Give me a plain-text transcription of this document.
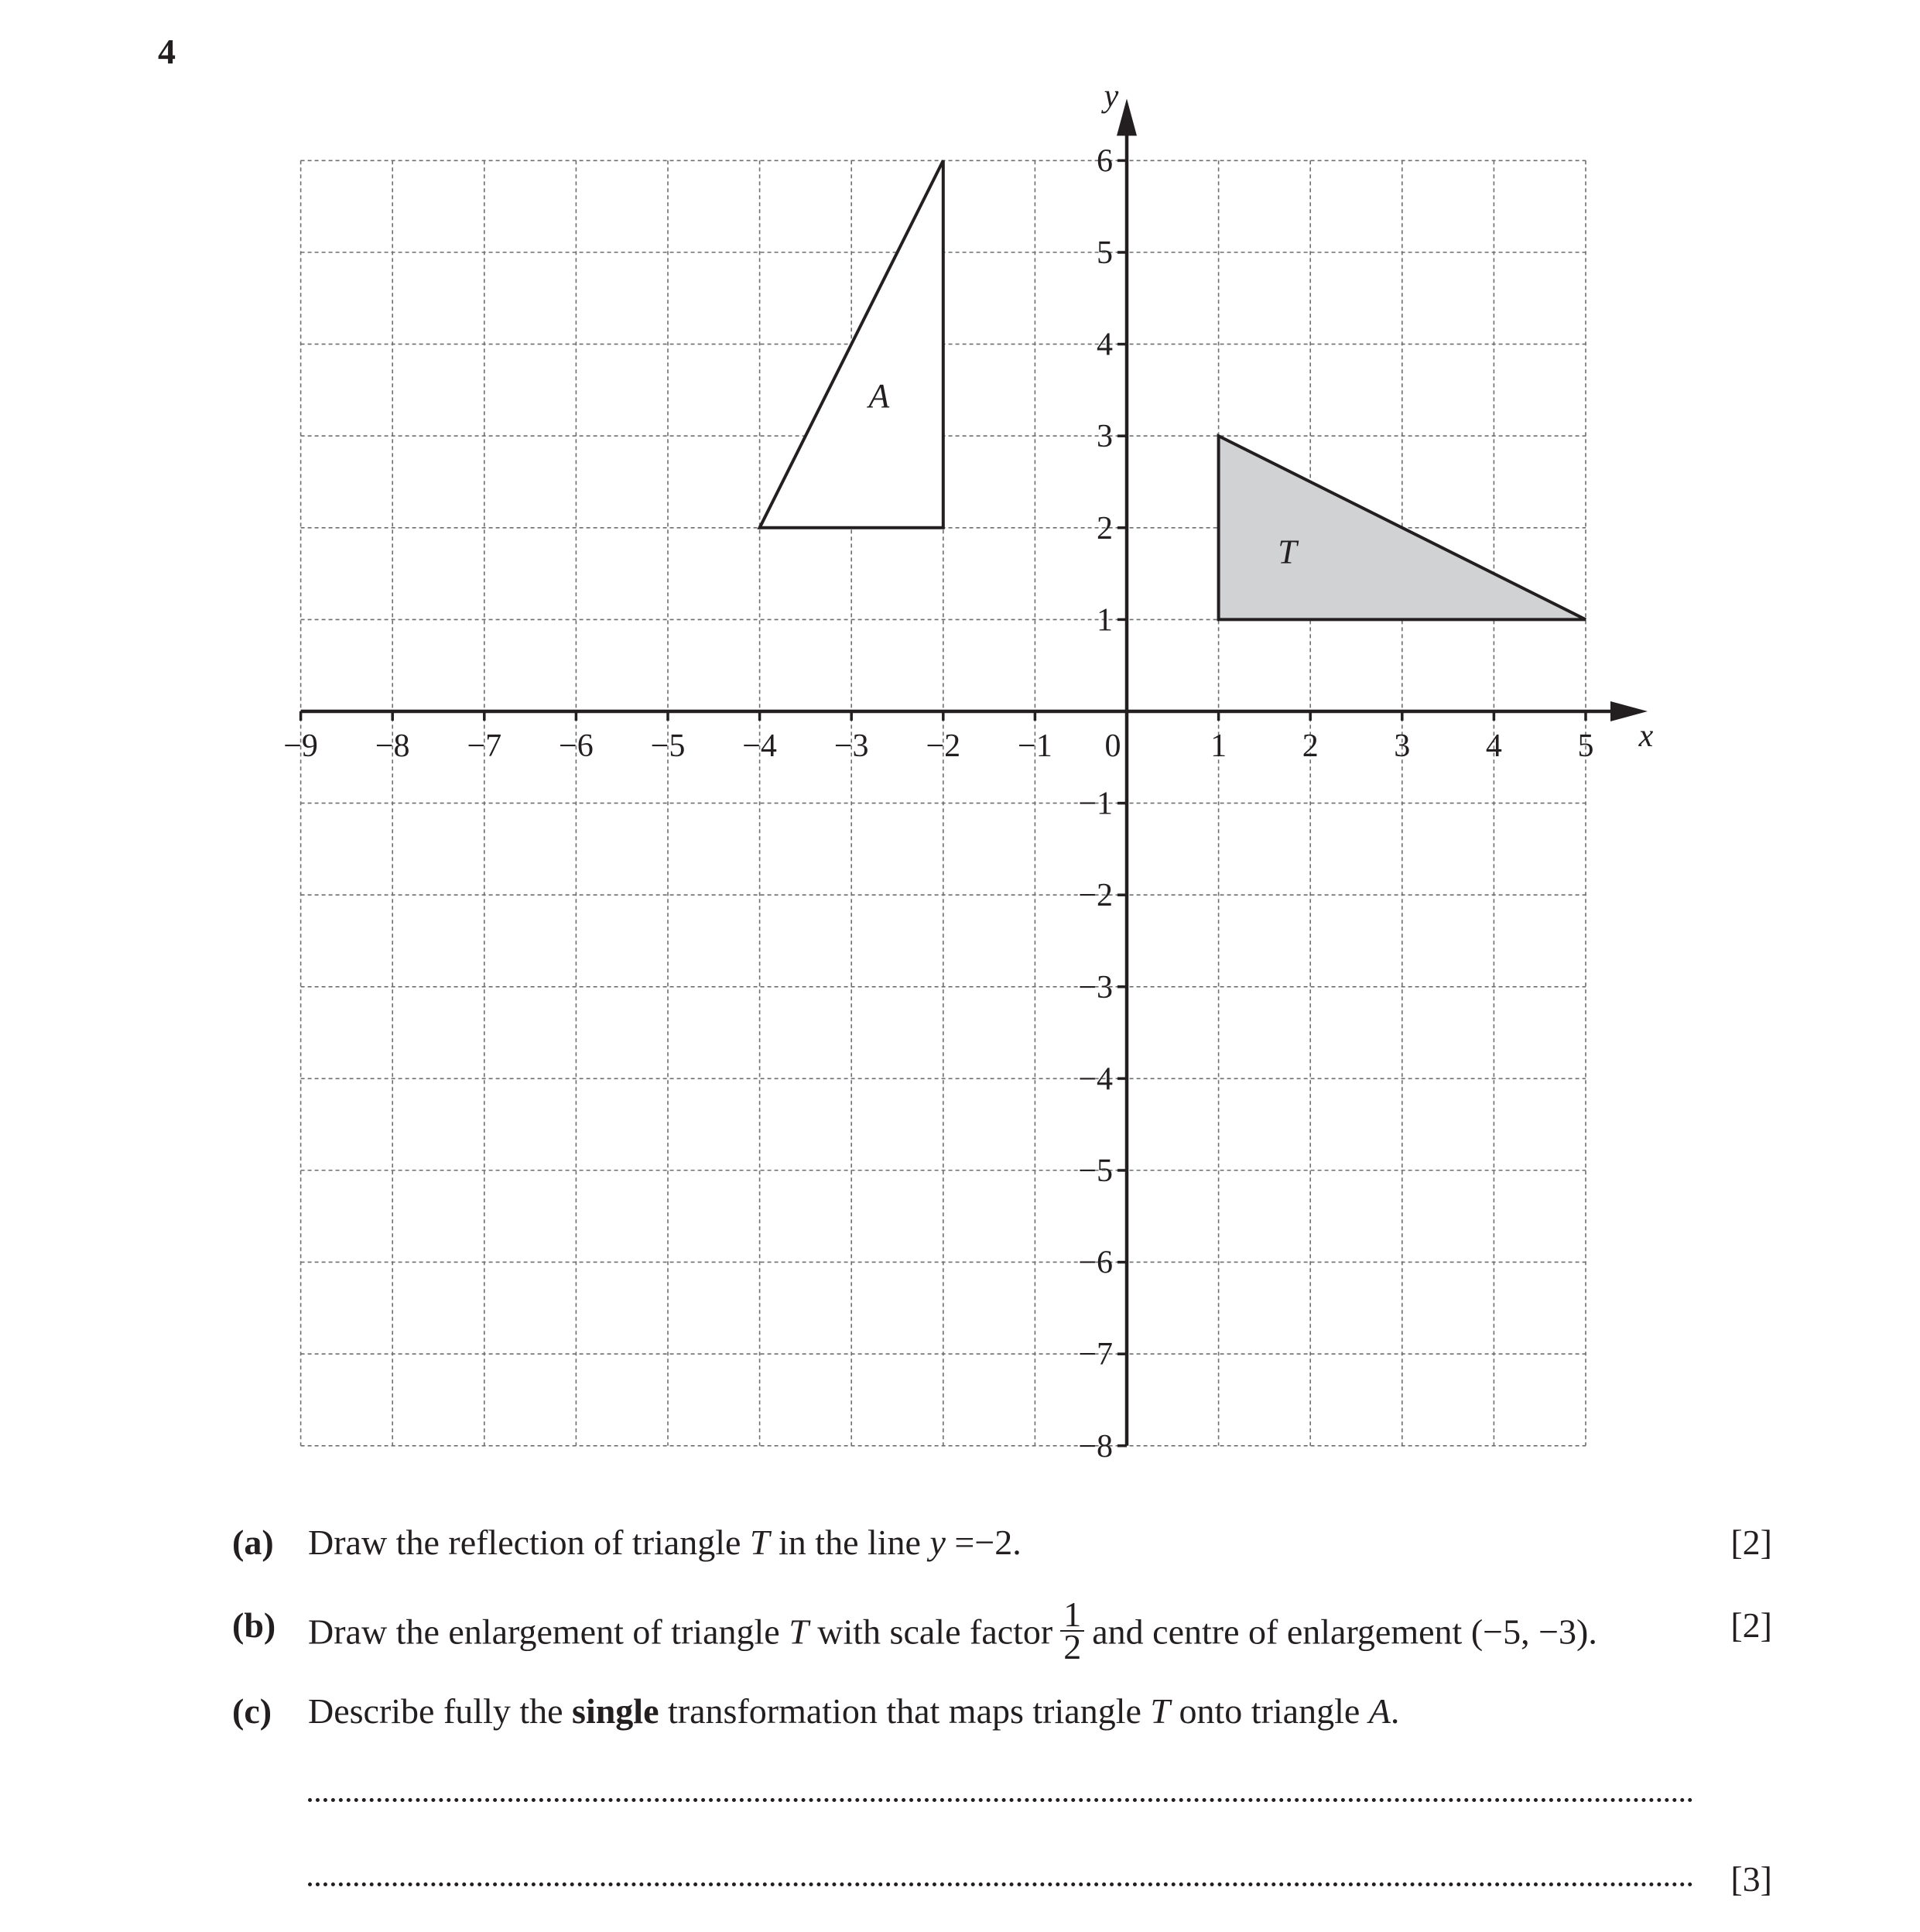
4
A
T
−9 −8 −7 −6 −5 −4 −3 −2 −1 0	1 2 3 4 5
6
5
4
3
2
1
−1
−2
−3
−4
−5
−6
−7
−8
x
y
(a) Draw the reflection of triangle T in the line y =−2.	[2]
(b) Draw the enlargement of triangle T with scale factor $\frac{1}{2}$ and centre of enlargement (−5, −3).	[2]
(c) Describe fully the single transformation that maps triangle T onto triangle A.
[3]
